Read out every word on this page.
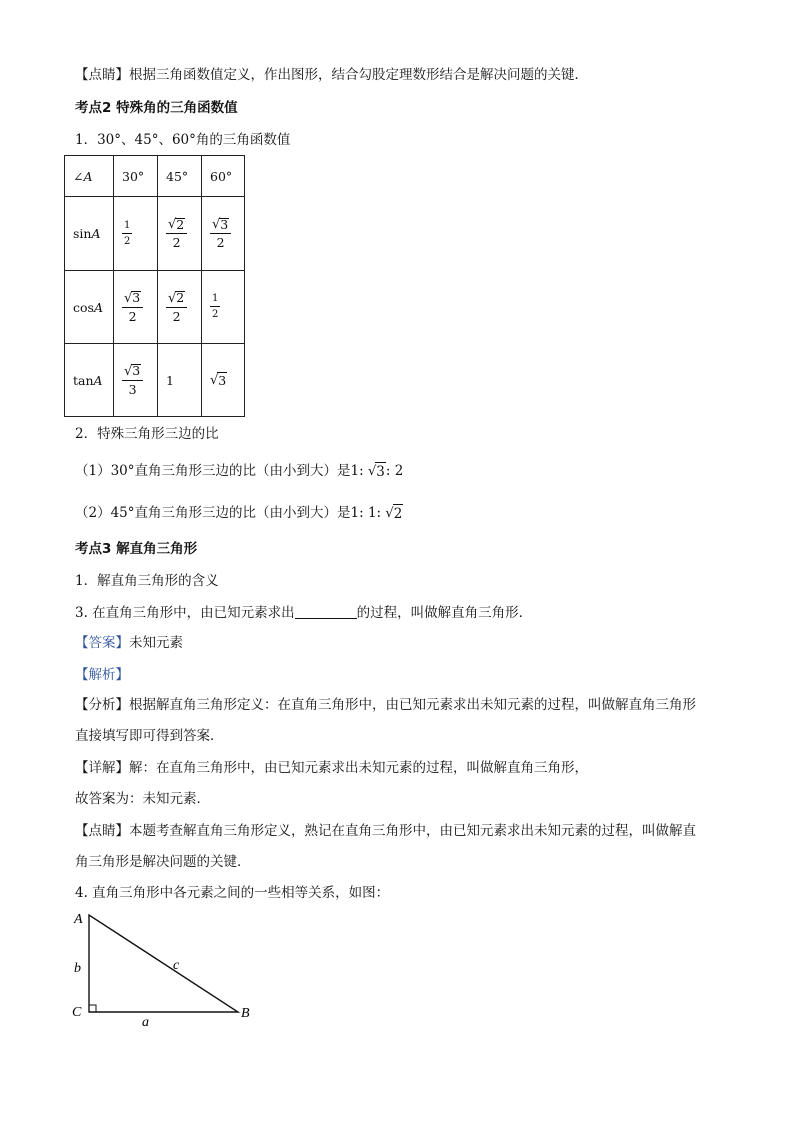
【点睛】根据三角函数值定义，作出图形，结合勾股定理数形结合是解决问题的关键．
考点2 特殊角的三角函数值
1．30°、45°、60°角的三角函数值
∠A	30°	45°	60°
sinA	$\frac{1}{2}$	$\frac{√ 2}{2}$	$\frac{√ 3}{2}$

cosA	$\frac{√ 3}{2}$	$\frac{√ 2}{2}$	$\frac{1}{2}$

tanA	$\frac{√ 3}{3}$	1	√ 3
2．特殊三角形三边的比
（1）30°直角三角形三边的比（由小到大）是1: √ 3 : 2
（2）45°直角三角形三边的比（由小到大）是1: 1: √ 2
考点3 解直角三角形
1．解直角三角形的含义
3. 在直角三角形中，由已知元素求出	的过程，叫做解直角三角形．
【答案】未知元素
【解析】
【分析】根据解直角三角形定义：在直角三角形中，由已知元素求出未知元素的过程，叫做解直角三角形
直接填写即可得到答案．
【详解】解：在直角三角形中，由已知元素求出未知元素的过程，叫做解直角三角形，
故答案为：未知元素．
【点睛】本题考查解直角三角形定义，熟记在直角三角形中，由已知元素求出未知元素的过程，叫做解直
角三角形是解决问题的关键．
4. 直角三角形中各元素之间的一些相等关系，如图：
A
C	B
b	c
a
